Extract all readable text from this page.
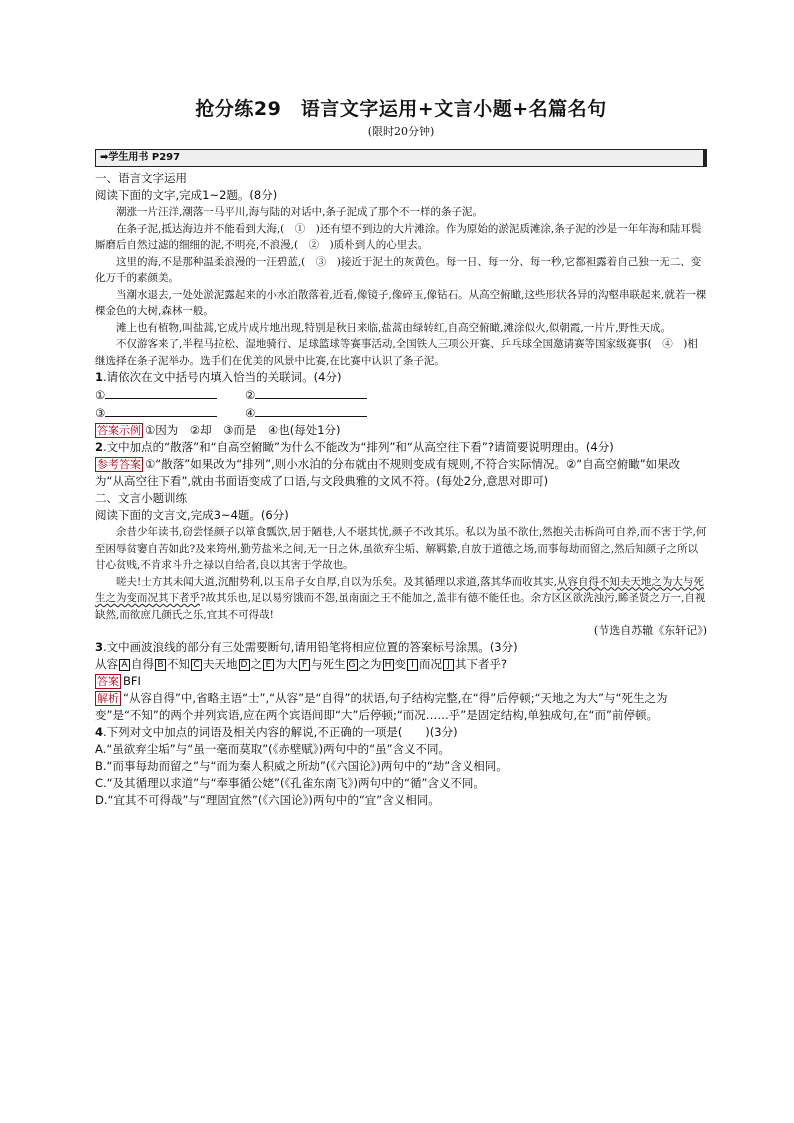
抢分练29　语言文字运用+文言小题+名篇名句
(限时20分钟)
➡学生用书 P297

一、语言文字运用

阅读下面的文字,完成1~2题。(8分)

潮涨一片汪洋,潮落一马平川,海与陆的对话中,条子泥成了那个不一样的条子泥。

在条子泥,抵达海边并不能看到大海,(　①　)还有望不到边的大片滩涂。作为原始的淤泥质滩涂,条子泥的沙是一年年海和陆耳鬓厮磨后自然过滤的细细的泥,不明亮,不浪漫,(　②　)质朴到人的心里去。

这里的海,不是那种温柔浪漫的一汪碧蓝,(　③　)接近于泥土的灰黄色。每一日、每一分、每一秒,它都袒露着自己独一无二、变化万千的素颜美。

当潮水退去,一处处淤泥露起来的小水泊散落着,近看,像镜子,像碎玉,像钻石。从高空俯瞰,这些形状各异的沟壑串联起来,就若一棵棵金色的大树,森林一般。

滩上也有植物,叫盐蒿,它成片成片地出现,特别是秋日来临,盐蒿由绿转红,自高空俯瞰,滩涂似火,似朝霞,一片片,野性天成。

不仅游客来了,半程马拉松、湿地骑行、足球篮球等赛事活动,全国铁人三项公开赛、乒乓球全国邀请赛等国家级赛事(　④　)相继选择在条子泥举办。选手们在优美的风景中比赛,在比赛中认识了条子泥。

1.请依次在文中括号内填入恰当的关联词。(4分)

①	②
③	④

答案示例 ①因为　②却　③而是　④也(每处1分)

2.文中加点的“散落”和“自高空俯瞰”为什么不能改为“排列”和“从高空往下看”?请简要说明理由。(4分)

参考答案 ①“散落”如果改为“排列”,则小水泊的分布就由不规则变成有规则,不符合实际情况。②“自高空俯瞰”如果改为“从高空往下看”,就由书面语变成了口语,与文段典雅的文风不符。(每处2分,意思对即可)

二、文言小题训练

阅读下面的文言文,完成3~4题。(6分)

余昔少年读书,窃尝怪颜子以箪食瓢饮,居于陋巷,人不堪其忧,颜子不改其乐。私以为虽不欲仕,然抱关击柝尚可自养,而不害于学,何至困辱贫窭自苦如此?及来筠州,勤劳盐米之间,无一日之休,虽欲弃尘垢、解羁絷,自放于道德之场,而事每劫而留之,然后知颜子之所以甘心贫贱,不肯求斗升之禄以自给者,良以其害于学故也。

嗟夫!士方其未闻大道,沉酣势利,以玉帛子女自厚,自以为乐矣。及其循理以求道,落其华而收其实,从容自得不知夫天地之为大与死生之为变而况其下者乎?故其乐也,足以易穷饿而不怨,虽南面之王不能加之,盖非有德不能任也。余方区区欲洗浊污,睎圣贤之万一,自视缺然,而欲庶几颜氏之乐,宜其不可得哉!

(节选自苏辙《东轩记》)

3.文中画波浪线的部分有三处需要断句,请用铅笔将相应位置的答案标号涂黑。(3分)

从容 A 自得 B 不知 C 夫天地 D 之 E 为大 F 与死生 G 之为 H 变 I 而况 J 其下者乎?

答案 BFI

解析 “从容自得”中,省略主语“士”,“从容”是“自得”的状语,句子结构完整,在“得”后停顿;“天地之为大”与“死生之为变”是“不知”的两个并列宾语,应在两个宾语间即“大”后停顿;“而况……乎”是固定结构,单独成句,在“而”前停顿。

4.下列对文中加点的词语及相关内容的解说,不正确的一项是(　　)(3分)

A.“虽欲弃尘垢”与“虽一毫而莫取”(《赤壁赋》)两句中的“虽”含义不同。

B.“而事每劫而留之”与“而为秦人积威之所劫”(《六国论》)两句中的“劫”含义相同。

C.“及其循理以求道”与“奉事循公姥”(《孔雀东南飞》)两句中的“循”含义不同。

D.“宜其不可得哉”与“理固宜然”(《六国论》)两句中的“宜”含义相同。
